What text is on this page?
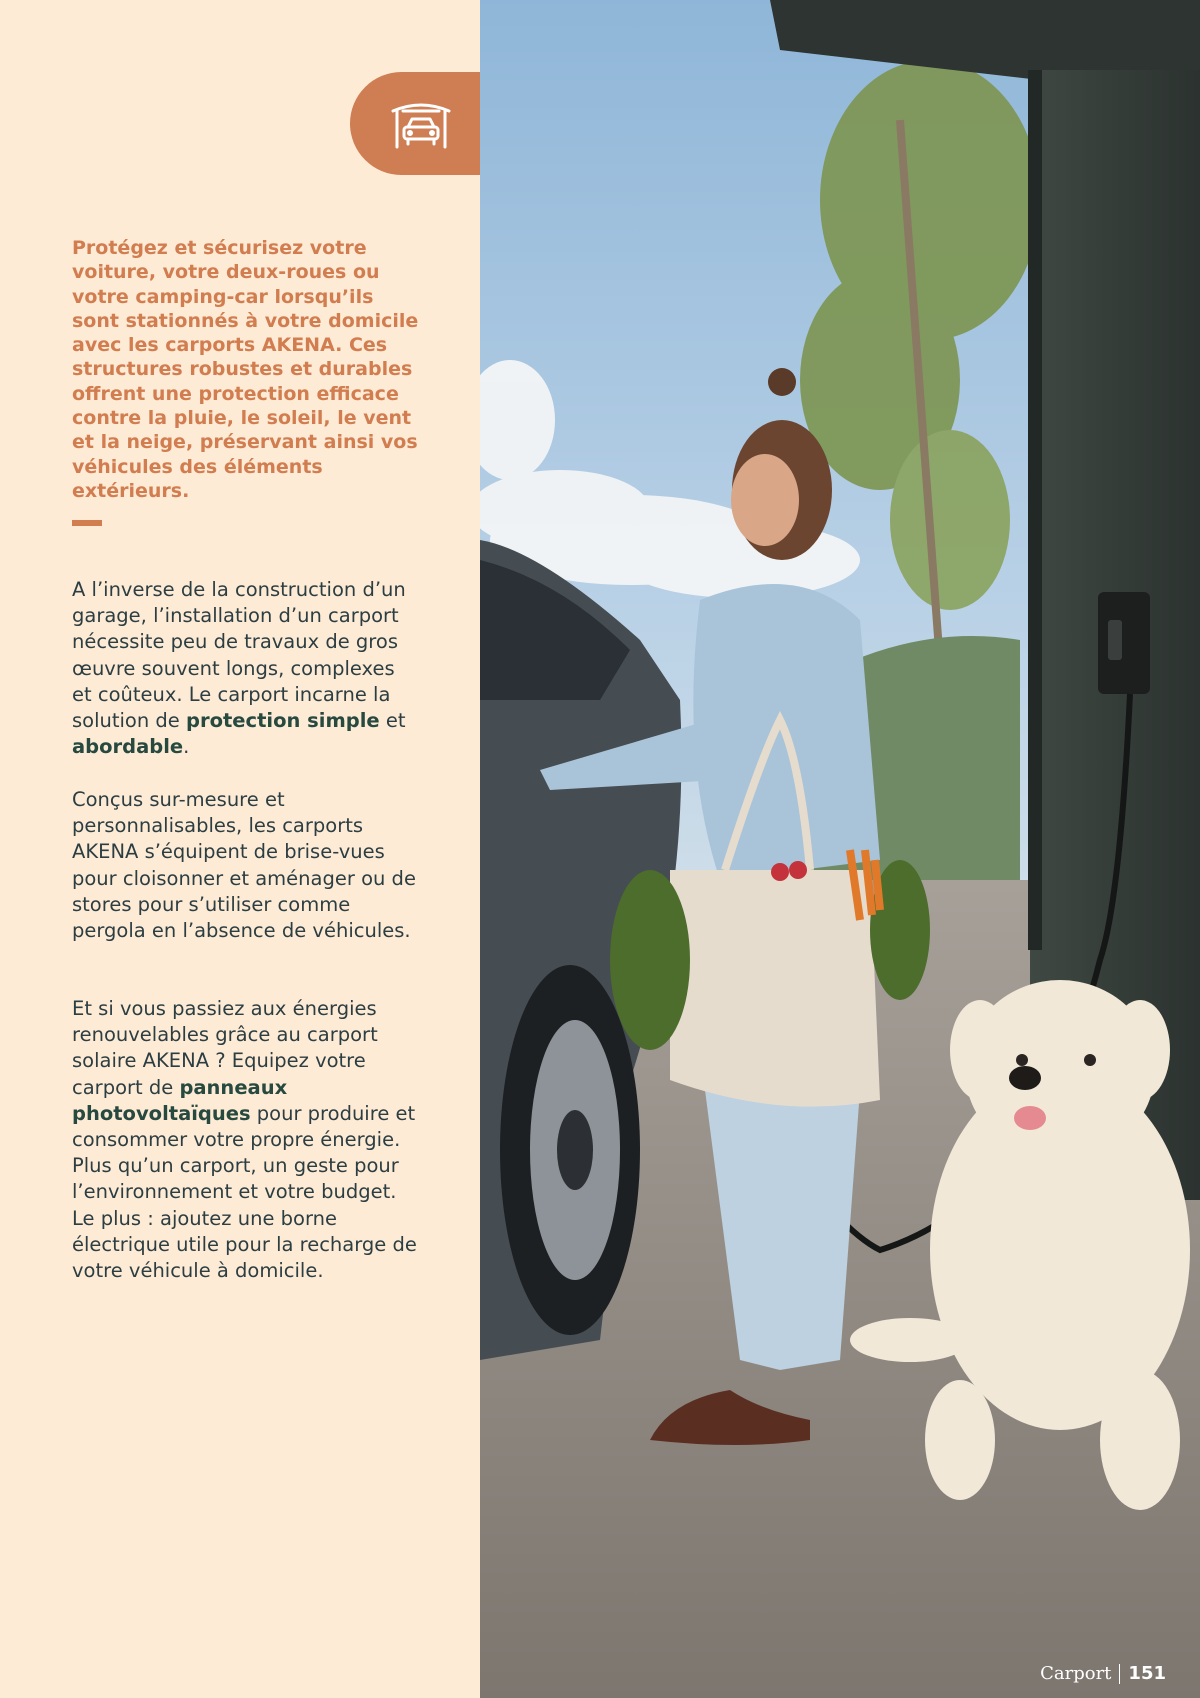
Protégez et sécurisez votre voiture, votre deux-roues ou votre camping-car lorsqu’ils sont stationnés à votre domicile avec les carports AKENA. Ces structures robustes et durables offrent une protection efficace contre la pluie, le soleil, le vent et la neige, préservant ainsi vos véhicules des éléments extérieurs.

A l’inverse de la construction d’un garage, l’installation d’un carport nécessite peu de travaux de gros œuvre souvent longs, complexes et coûteux. Le carport incarne la solution de protection simple et abordable.

Conçus sur-mesure et personnalisables, les carports AKENA s’équipent de brise-vues pour cloisonner et aménager ou de stores pour s’utiliser comme pergola en l’absence de véhicules.

Et si vous passiez aux énergies renouvelables grâce au carport solaire AKENA ? Equipez votre carport de panneaux photovoltaïques pour produire et consommer votre propre énergie. Plus qu’un carport, un geste pour l’environnement et votre budget. Le plus : ajoutez une borne électrique utile pour la recharge de votre véhicule à domicile.

Carport 151
